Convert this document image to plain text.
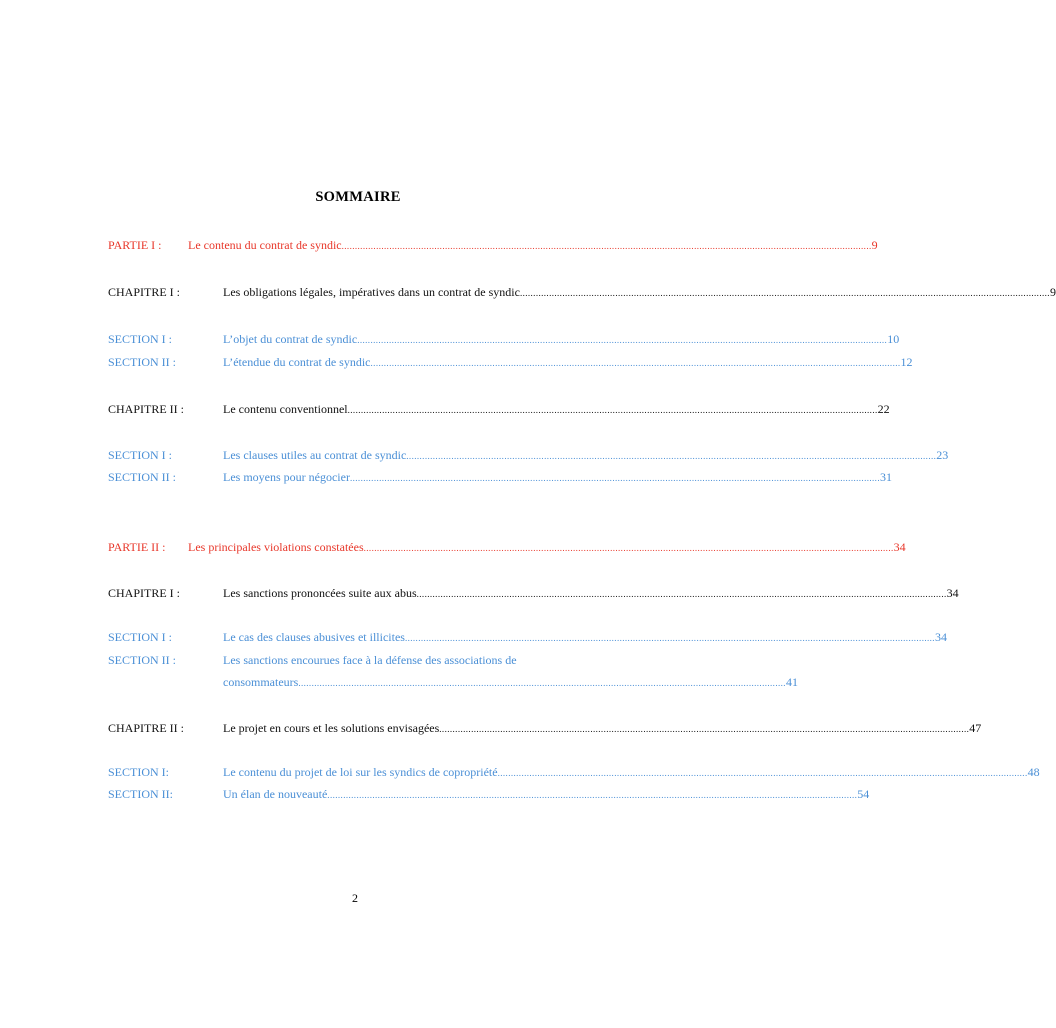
SOMMAIRE
PARTIE I : Le contenu du contrat de syndic .....	9
CHAPITRE I :	Les obligations légales, impératives dans un contrat de syndic .....	9
SECTION I :	L’objet du contrat de syndic .....	10
SECTION II :	L’étendue du contrat de syndic .....	12
CHAPITRE II :	Le contenu conventionnel .....	22
SECTION I :	Les clauses utiles au contrat de syndic .....	23
SECTION II :	Les moyens pour négocier .....	31
PARTIE II : Les principales violations constatées .....	34
CHAPITRE I :	Les sanctions prononcées suite aux abus .....	34
SECTION I :	Le cas des clauses abusives et illicites .....	34
SECTION II :	Les sanctions encourues face à la défense des associations de
consommateurs ........................................................................................................................................................................................ 41
CHAPITRE II :	Le projet en cours et les solutions envisagées .....	47
SECTION I:	Le contenu du projet de loi sur les syndics de copropriété .....	48
SECTION II:	Un élan de nouveauté .....	54
2
